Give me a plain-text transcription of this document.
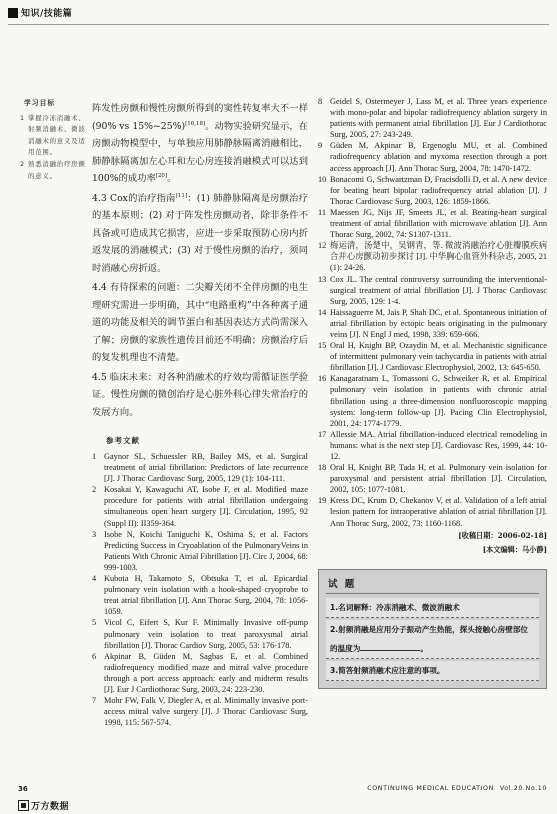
知识/技能篇
学习目标
1 掌握冷冻消融术、射频消融术、微波消融术的意义及适用范围。
2 熟悉消融治疗房颤的意义。

阵发性房颤和慢性房颤所得到的窦性转复率大不一样(90% vs 15%~25%)[16,18]。动物实验研究显示，在房颤动物模型中，与单独应用肺静脉隔离消融相比，肺静脉隔离加左心耳和左心房连接消融模式可以达到100%的成功率[20]。

4.3 Cox的治疗指南[11]：(1) 肺静脉隔离是房颤治疗的基本原则；(2) 对于阵发性房颤动者，除非条件不具备或可造成其它损害，应进一步采取预防心房内折返发展的消融模式；(3) 对于慢性房颤的治疗，须同时消融心房折返。

4.4 有待探索的问题：二尖瓣关闭不全伴房颤的电生理研究需进一步明确，其中“电路重构”中各种离子通道的功能及相关的调节蛋白和基因表达方式尚需深入了解；房颤的家族性遗传目前还不明确；房颤治疗后的复发机理也不清楚。

4.5 临床未来：对各种消融术的疗效均需循证医学验证。慢性房颤的微创治疗是心脏外科心律失常治疗的发展方向。

参考文献
1 Gaynor SL, Schuessler RB, Bailey MS, et al. Surgical treatment of atrial fibrillation: Predictors of late recurrence [J]. J Thorac Cardiovasc Surg, 2005, 129 (1): 104-111.
2 Kosakai Y, Kawaguchi AT, Isobe F, et al. Modified maze procedure for patients with atrial fibrillation undergoing simultaneous open heart surgery [J]. Circulation, 1995, 92 (Suppl II): II359-364.
3 Isobe N, Koichi Taniguchi K, Oshima S, et al. Factors Predicting Success in Cryoablation of the PulmonaryVeins in Patients With Chronic Atrial Fibrillation [J]. Circ J, 2004, 68: 999-1003.
4 Kubota H, Takamoto S, Obtsuka T, et al. Epicardial pulmonary vein isolation with a hook-shaped cryoprobe to treat atrial fibrillation [J]. Ann Thorac Surg, 2004, 78: 1056-1059.
5 Vicol C, Eifert S, Kur F. Minimally Invasive off-pump pulmonary vein isolation to treat paroxysmal atrial fibrillation [J]. Thorac Cardiov Surg, 2005, 53: 176-178.
6 Akpinar B, Güden M, Sagbas E, et al. Combined radiofrequency modified maze and mitral valve procedure through a port access approach: early and midterm results [J]. Eur J Cardiothorac Surg, 2003, 24: 223-230.
7 Mohr FW, Falk V, Diegler A, et al. Minimally invasive port-access mitral valve surgery [J]. J Thorac Cardiovasc Surg, 1998, 115: 567-574.
8 Geidel S, Ostermeyer J, Lass M, et al. Three years experience with mono-polar and bipolar radiofrequency ablation surgery in patients with permanent atrial fibrillation [J]. Eur J Cardiothorac Surg, 2005, 27: 243-249.
9 Güden M, Akpinar B, Ergenoglu MU, et al. Combined radiofrequency ablation and myxoma resection through a port access approach [J]. Ann Thorac Surg, 2004, 78: 1470-1472.
10 Bonacomi G, Schwartzman D, Fracisdolli D, et al. A new device for beating heart bipolar radiofrequency atrial ablation [J]. J Thorac Cardiovasc Surg, 2003, 126: 1859-1866.
11 Maessen JG, Nijs JF, Smeets JL, et al. Beating-heart surgical treatment of atrial fibrillation with microwave ablation [J]. Ann Thorac Surg, 2002, 74: S1307-1311.
12 梅运清，汤楚中，吴钢青，等. 微波消融治疗心脏瓣膜疾病合并心房颤动初步探讨 [J]. 中华胸心血管外科杂志, 2005, 21 (1): 24-26.
13 Cox JL. The central controversy surrounding the interventional-surgical treatment of atrial fibrillation [J]. J Thorac Cardiovasc Surg, 2005, 129: 1-4.
14 Haissaguerre M, Jais P, Shah DC, et al. Spontaneous initiation of atrial fibrillation by ectopic beats originating in the pulmonary veins [J]. N Engl J med, 1998, 339: 659-666.
15 Oral H, Knight BP, Ozaydin M, et al. Mechanistic significance of intermittent pulmonary vein tachycardia in patients with atrial fibrillation [J]. J Cardiovasc Electrophysiol, 2002, 13: 645-650.
16 Kanagaratnam L, Tomassoni G, Schweiker R, et al. Empirical pulmonary vein isolation in patients with chronic atrial fibrillation using a three-dimension nonfluoroscopic mapping system: long-term follow-up [J]. Pacing Clin Electrophysiol, 2001, 24: 1774-1779.
17 Allessie MA. Atrial fibrillation-induced electrical remodeling in humans: what is the next step [J]. Cardiovasc Res, 1999, 44: 10-12.
18 Oral H, Knight BP, Tada H, et al. Pulmonary vein isolation for paroxysmal and persistent atrial fibrillation [J]. Circulation, 2002, 105: 1077-1081.
19 Kress DC, Krum D, Chekanov V, et al. Validation of a left atrial lesion pattern for intraoperative ablation of atrial fibrillation [J]. Ann Thorac Surg, 2002, 73: 1160-1168.
[收稿日期：2006-02-18]
[本文编辑：马小静]
试 题
1.名词解释：冷冻消融术、微波消融术
2.射频消融是应用分子振动产生热能，探头接触心房壁部位的温度为	。
3.简答射频消融术应注意的事项。
36	CONTINUING MEDICAL EDUCATION Vol.20.No.10
万方数据
